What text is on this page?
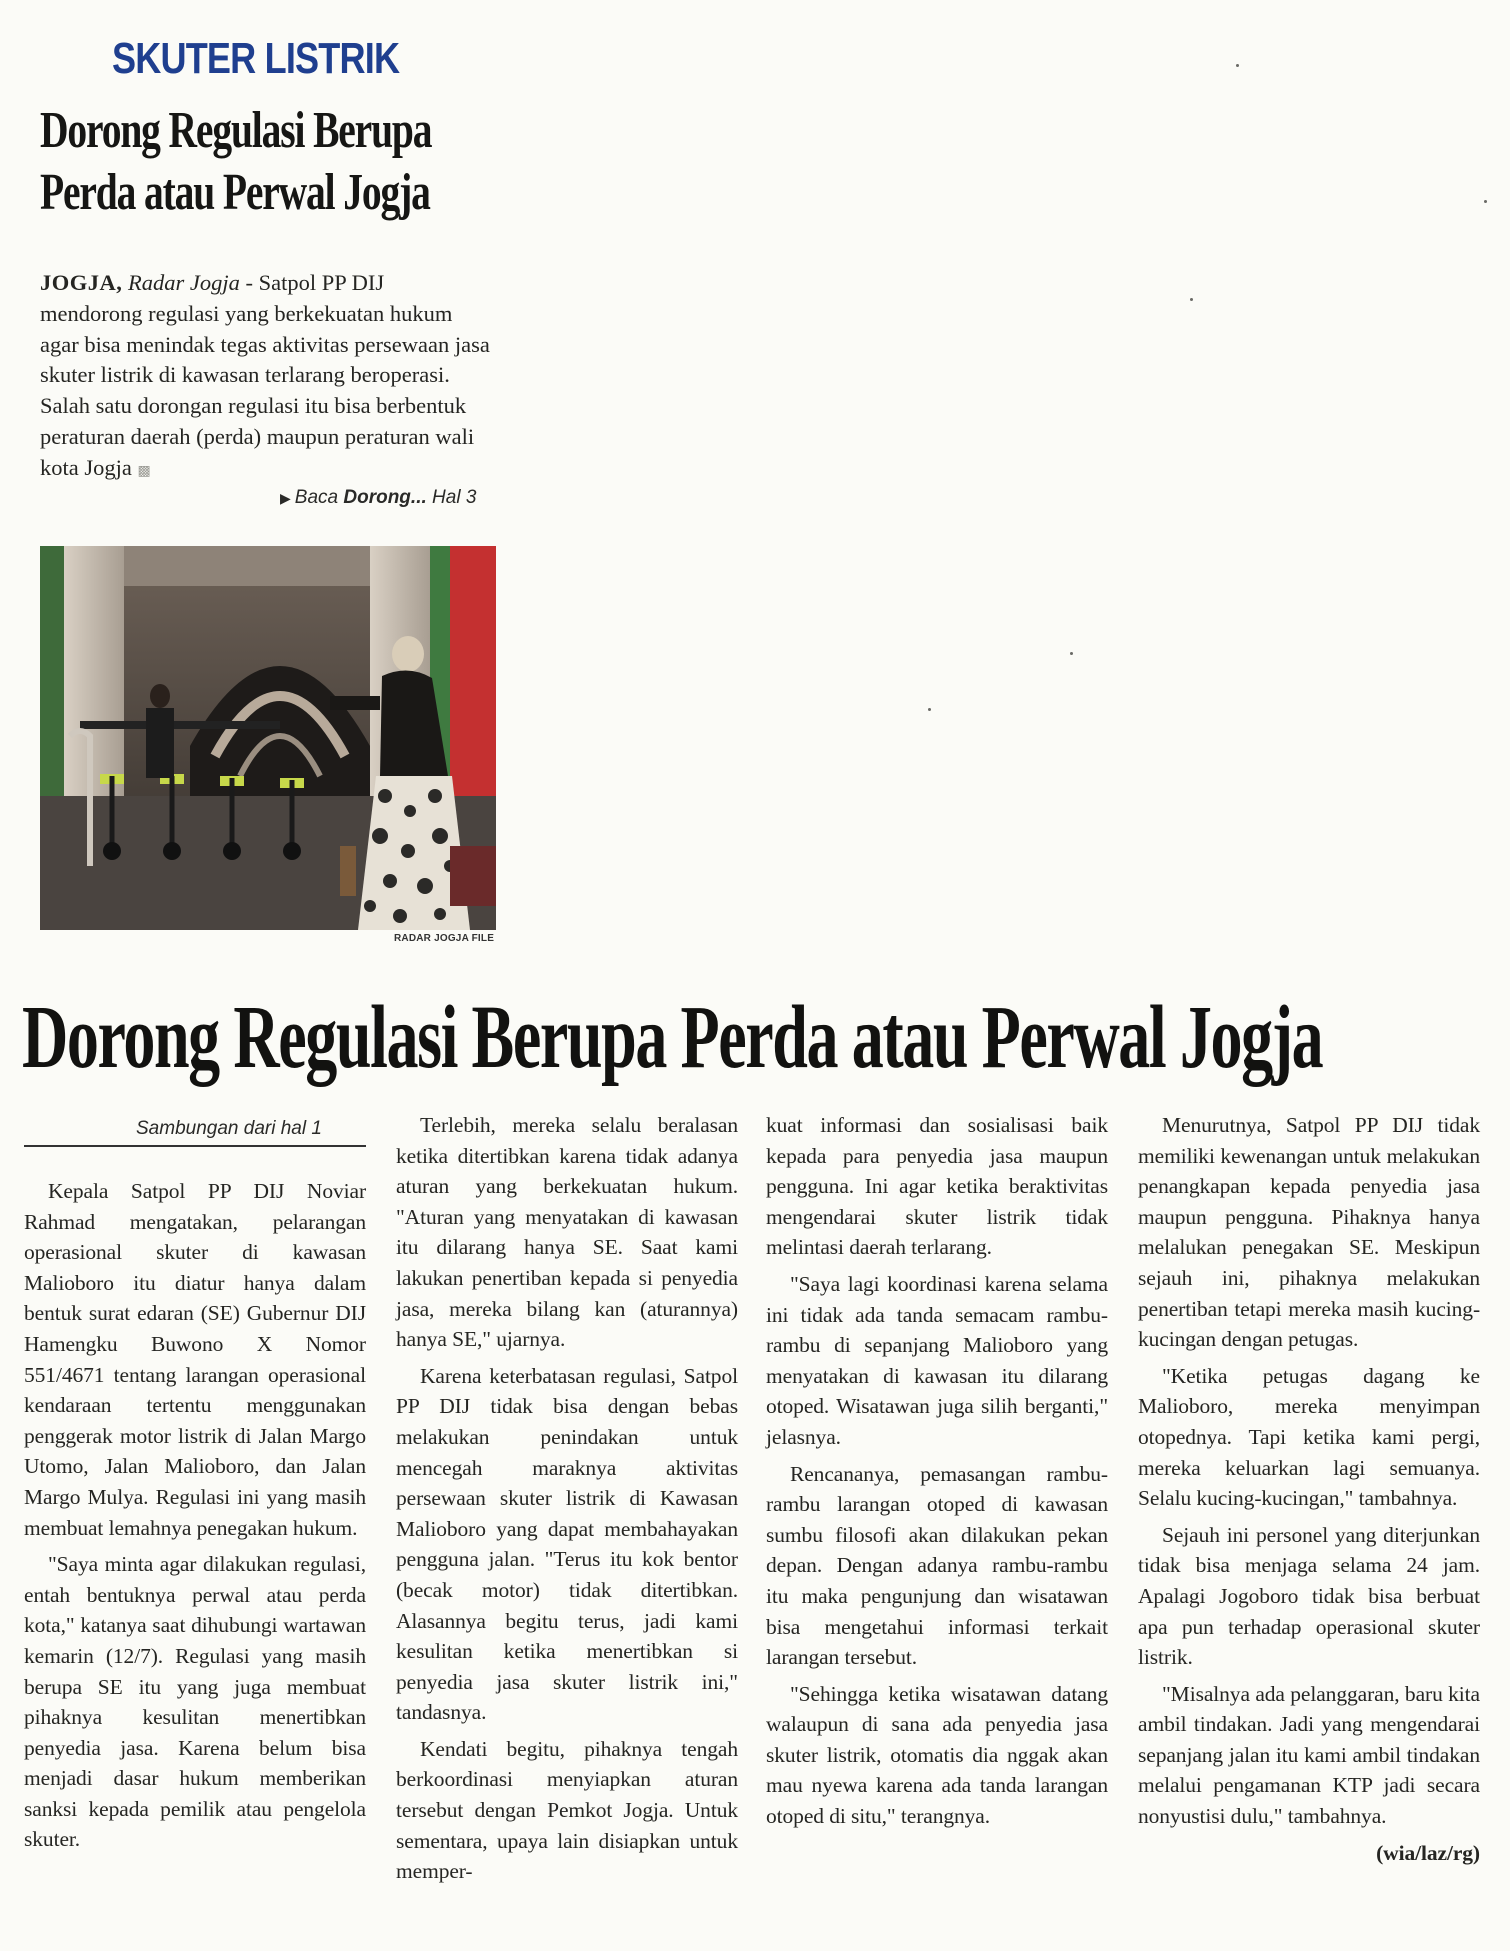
SKUTER LISTRIK
Dorong Regulasi Berupa Perda atau Perwal Jogja

JOGJA, Radar Jogja - Satpol PP DIJ mendorong regulasi yang berkekuatan hukum agar bisa menindak tegas aktivitas persewaan jasa skuter listrik di kawasan terlarang beroperasi. Salah satu dorongan regulasi itu bisa berbentuk peraturan daerah (perda) maupun peraturan wali kota Jogja ▩

▶ Baca Dorong... Hal 3

RADAR JOGJA FILE

Dorong Regulasi Berupa Perda atau Perwal Jogja

Sambungan dari hal 1

Kepala Satpol PP DIJ Noviar Rahmad mengatakan, pelarangan operasional skuter di kawasan Malioboro itu diatur hanya dalam bentuk surat edaran (SE) Gubernur DIJ Hamengku Buwono X Nomor 551/4671 tentang larangan operasional kendaraan tertentu menggunakan penggerak motor listrik di Jalan Margo Utomo, Jalan Malioboro, dan Jalan Margo Mulya. Regulasi ini yang masih membuat lemahnya penegakan hukum.

"Saya minta agar dilakukan regulasi, entah bentuknya perwal atau perda kota," katanya saat dihubungi wartawan kemarin (12/7). Regulasi yang masih berupa SE itu yang juga membuat pihaknya kesulitan menertibkan penyedia jasa. Karena belum bisa menjadi dasar hukum memberikan sanksi kepada pemilik atau pengelola skuter.

Terlebih, mereka selalu beralasan ketika ditertibkan karena tidak adanya aturan yang berkekuatan hukum. "Aturan yang menyatakan di kawasan itu dilarang hanya SE. Saat kami lakukan penertiban kepada si penyedia jasa, mereka bilang kan (aturannya) hanya SE," ujarnya.

Karena keterbatasan regulasi, Satpol PP DIJ tidak bisa dengan bebas melakukan penindakan untuk mencegah maraknya aktivitas persewaan skuter listrik di Kawasan Malioboro yang dapat membahayakan pengguna jalan. "Terus itu kok bentor (becak motor) tidak ditertibkan. Alasannya begitu terus, jadi kami kesulitan ketika menertibkan si penyedia jasa skuter listrik ini," tandasnya.

Kendati begitu, pihaknya tengah berkoordinasi menyiapkan aturan tersebut dengan Pemkot Jogja. Untuk sementara, upaya lain disiapkan untuk memper-

kuat informasi dan sosialisasi baik kepada para penyedia jasa maupun pengguna. Ini agar ketika beraktivitas mengendarai skuter listrik tidak melintasi daerah terlarang.

"Saya lagi koordinasi karena selama ini tidak ada tanda semacam rambu-rambu di sepanjang Malioboro yang menyatakan di kawasan itu dilarang otoped. Wisatawan juga silih berganti," jelasnya.

Rencananya, pemasangan rambu-rambu larangan otoped di kawasan sumbu filosofi akan dilakukan pekan depan. Dengan adanya rambu-rambu itu maka pengunjung dan wisatawan bisa mengetahui informasi terkait larangan tersebut.

"Sehingga ketika wisatawan datang walaupun di sana ada penyedia jasa skuter listrik, otomatis dia nggak akan mau nyewa karena ada tanda larangan otoped di situ," terangnya.

Menurutnya, Satpol PP DIJ tidak memiliki kewenangan untuk melakukan penangkapan kepada penyedia jasa maupun pengguna. Pihaknya hanya melalukan penegakan SE. Meskipun sejauh ini, pihaknya melakukan penertiban tetapi mereka masih kucing-kucingan dengan petugas.

"Ketika petugas dagang ke Malioboro, mereka menyimpan otopednya. Tapi ketika kami pergi, mereka keluarkan lagi semuanya. Selalu kucing-kucingan," tambahnya.

Sejauh ini personel yang diterjunkan tidak bisa menjaga selama 24 jam. Apalagi Jogoboro tidak bisa berbuat apa pun terhadap operasional skuter listrik.

"Misalnya ada pelanggaran, baru kita ambil tindakan. Jadi yang mengendarai sepanjang jalan itu kami ambil tindakan melalui pengamanan KTP jadi secara nonyustisi dulu," tambahnya.

(wia/laz/rg)
